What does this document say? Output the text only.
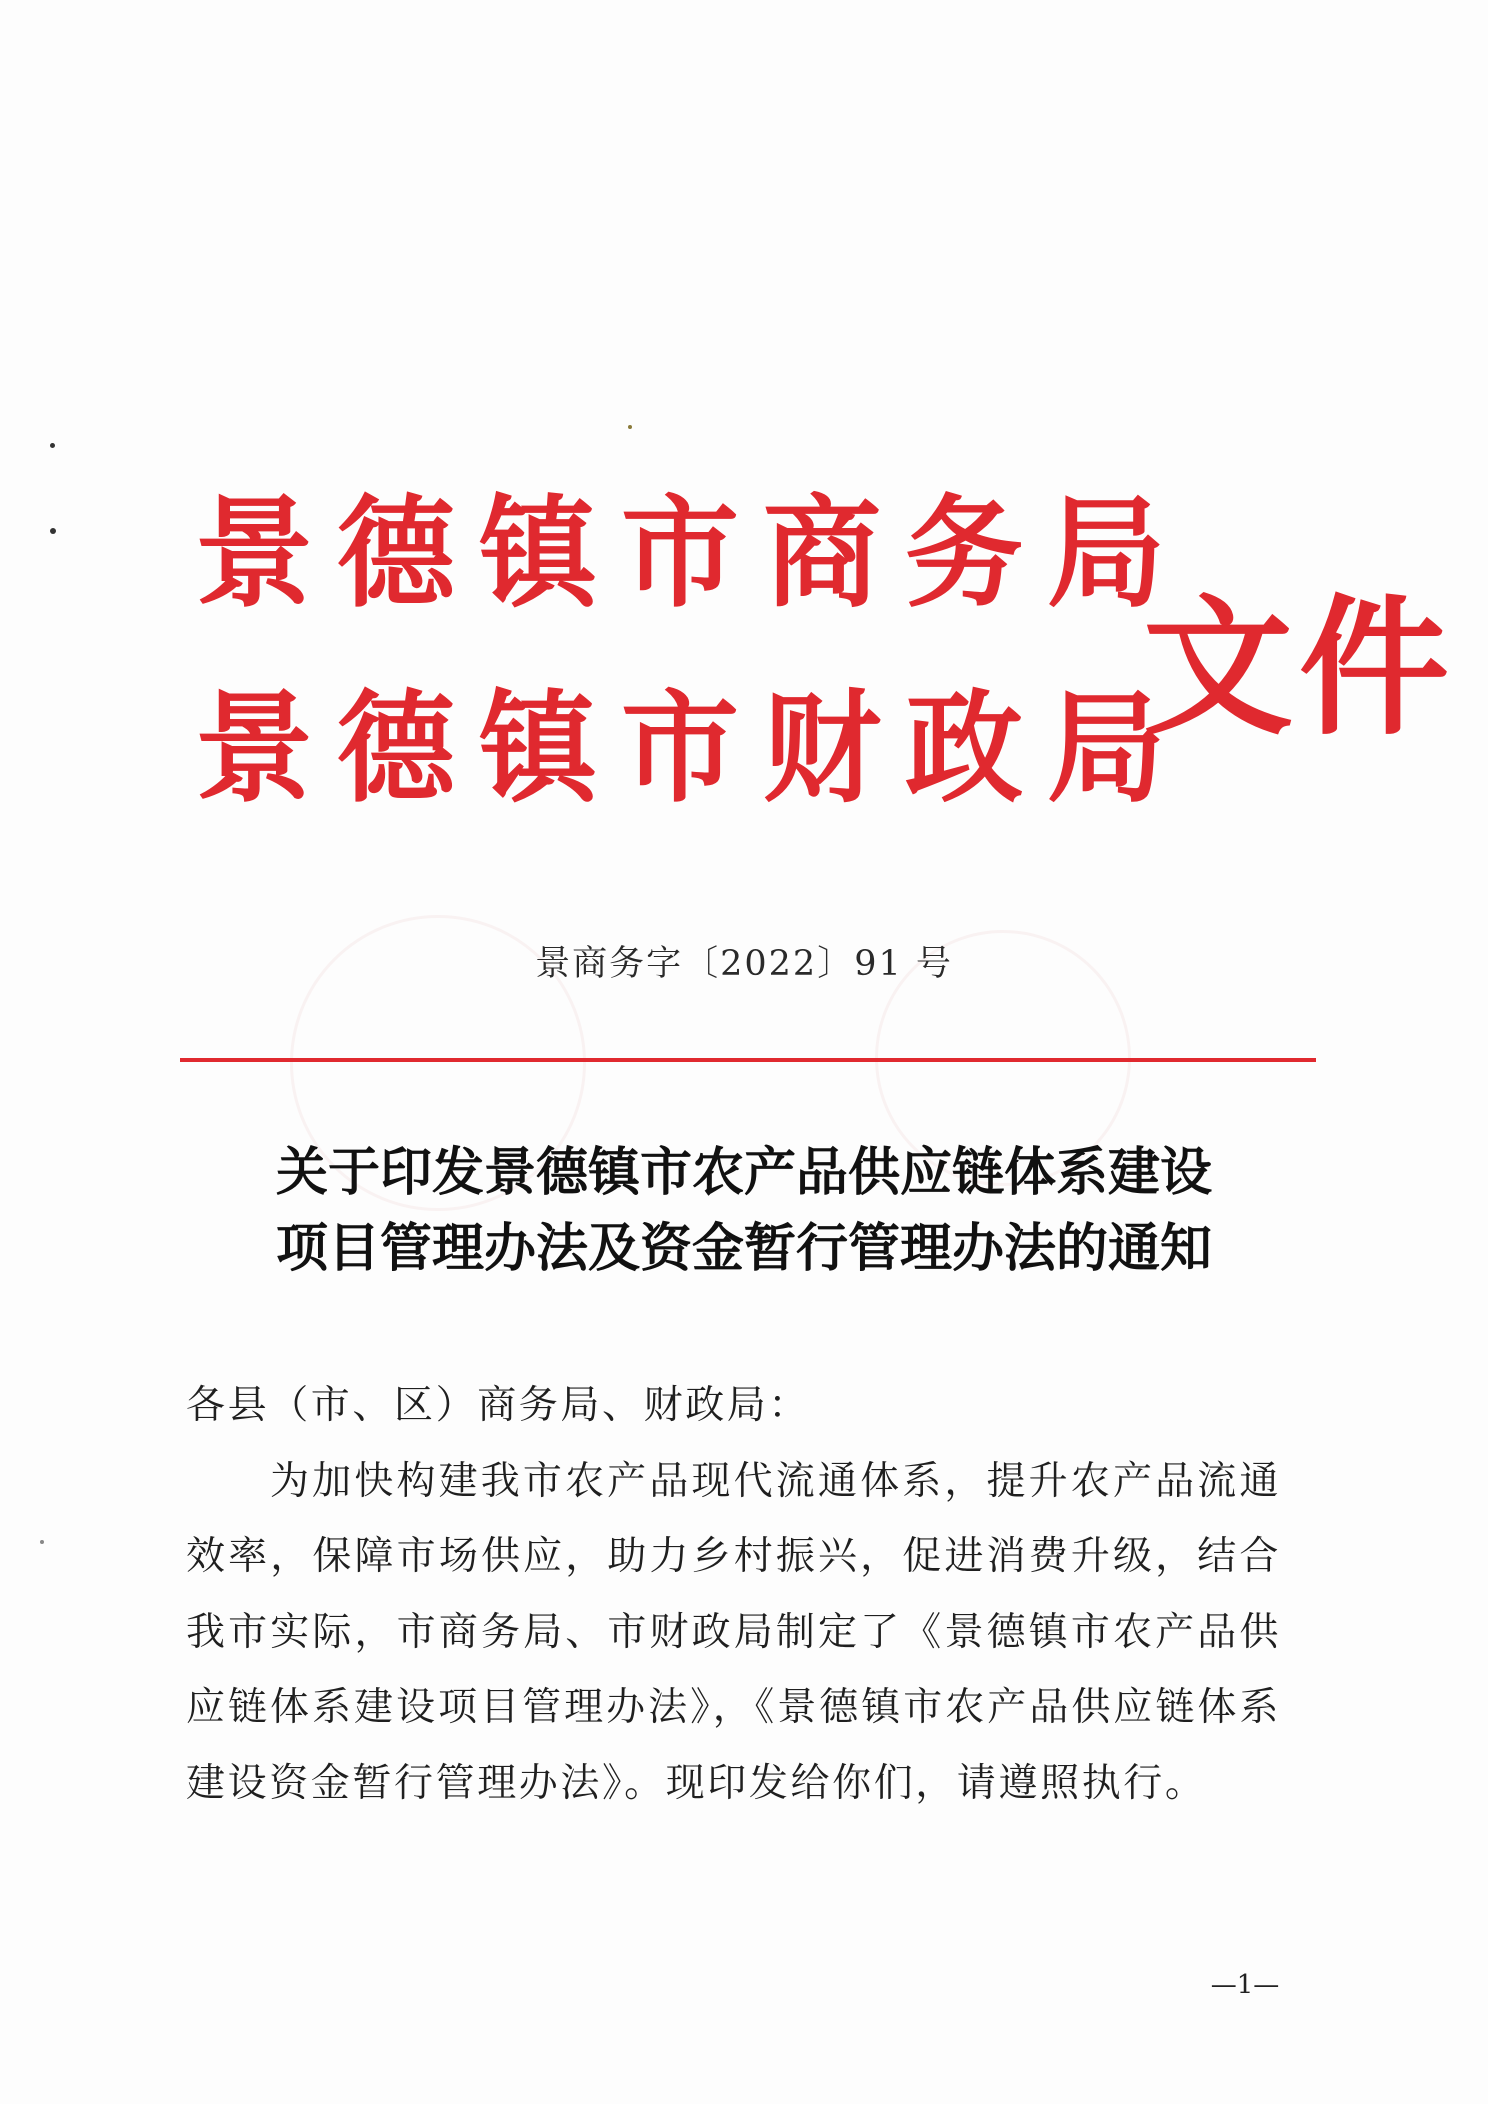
景德镇市商务局
景德镇市财政局
文件
景商务字〔2022〕91 号
关于印发景德镇市农产品供应链体系建设
项目管理办法及资金暂行管理办法的通知
各县（市、区）商务局、财政局：

为加快构建我市农产品现代流通体系，提升农产品流通效率，保障市场供应，助力乡村振兴，促进消费升级，结合我市实际，市商务局、市财政局制定了《景德镇市农产品供应链体系建设项目管理办法》，《景德镇市农产品供应链体系建设资金暂行管理办法》。现印发给你们，请遵照执行。

—1—
